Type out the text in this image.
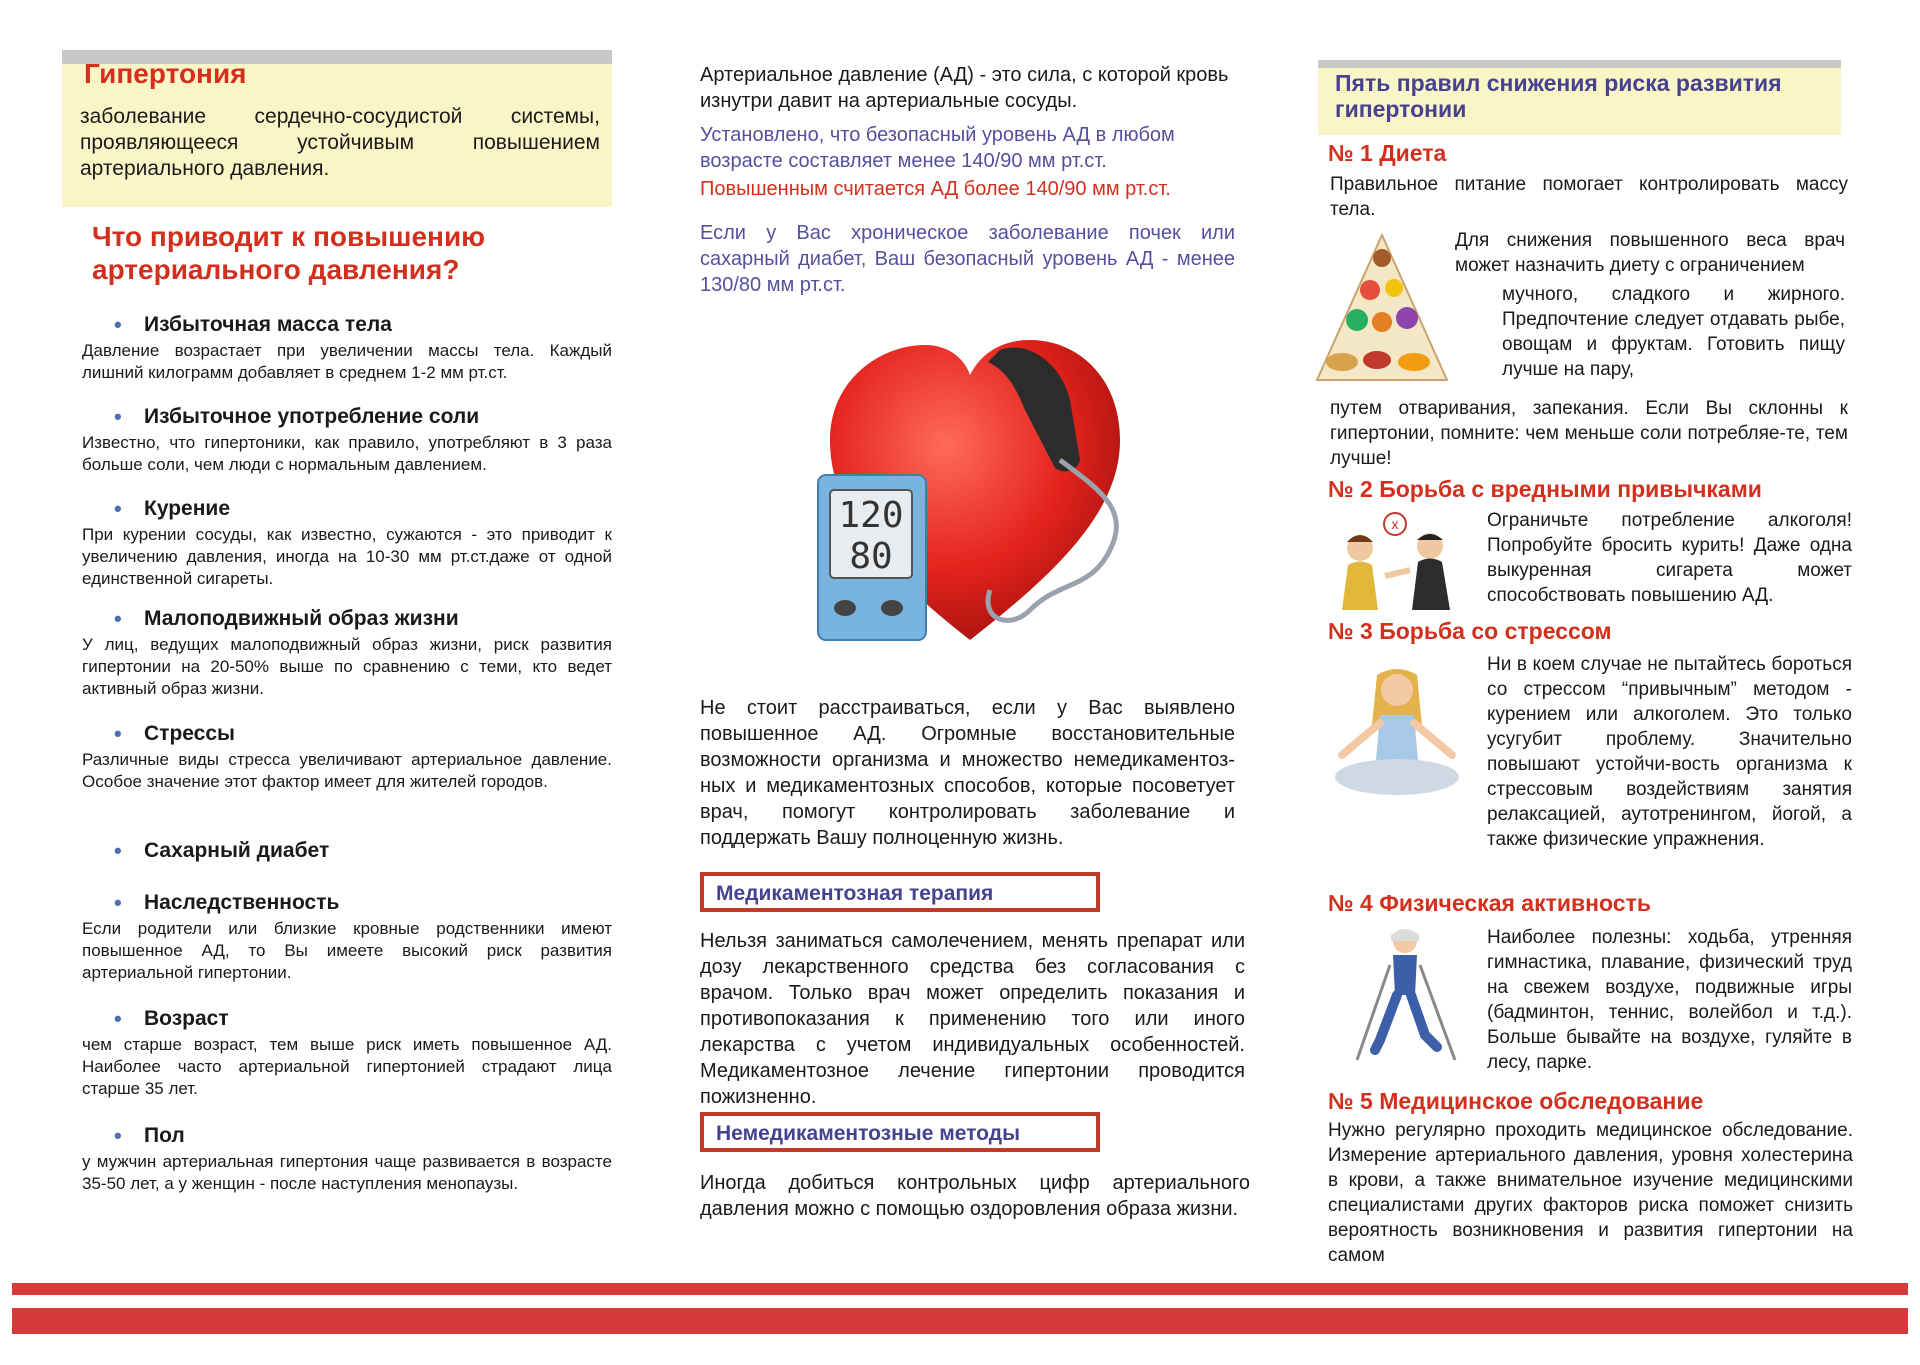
Гипертония
заболевание сердечно-сосудистой системы, проявляющееся устойчивым повышением артериального давления.
Что приводит к повышению артериального давления?
• Избыточная масса тела
Давление возрастает при увеличении массы тела. Каждый лишний килограмм добавляет в среднем 1-2 мм рт.ст.
• Избыточное употребление соли
Известно, что гипертоники, как правило, употребляют в 3 раза больше соли, чем люди с нормальным давлением.
• Курение
При курении сосуды, как известно, сужаются - это приводит к увеличению давления, иногда на 10-30 мм рт.ст.даже от одной единственной сигареты.
• Малоподвижный образ жизни
У лиц, ведущих малоподвижный образ жизни, риск развития гипертонии на 20-50% выше по сравнению с теми, кто ведет активный образ жизни.
• Стрессы
Различные виды стресса увеличивают артериальное давление. Особое значение этот фактор имеет для жителей городов.
• Сахарный диабет
• Наследственность
Если родители или близкие кровные родственники имеют повышенное АД, то Вы имеете высокий риск развития артериальной гипертонии.
• Возраст
чем старше возраст, тем выше риск иметь повышенное АД. Наиболее часто артериальной гипертонией страдают лица старше 35 лет.
• Пол
у мужчин артериальная гипертония чаще развивается в возрасте 35-50 лет, а у женщин - после наступления менопаузы.
Артериальное давление (АД) - это сила, с которой кровь изнутри давит на артериальные сосуды.
Установлено, что безопасный уровень АД в любом возрасте составляет менее 140/90 мм рт.ст.
Повышенным считается АД более 140/90 мм рт.ст.
Если у Вас хроническое заболевание почек или сахарный диабет, Ваш безопасный уровень АД - менее 130/80 мм рт.ст.
120
80
Не стоит расстраиваться, если у Вас выявлено повышенное АД. Огромные восстановительные возможности организма и множество немедикаментоз-ных и медикаментозных способов, которые посоветует врач, помогут контролировать заболевание и поддержать Вашу полноценную жизнь.
Медикаментозная терапия
Нельзя заниматься самолечением, менять препарат или дозу лекарственного средства без согласования с врачом. Только врач может определить показания и противопоказания к применению того или иного лекарства с учетом индивидуальных особенностей. Медикаментозное лечение гипертонии проводится пожизненно.
Немедикаментозные методы
Иногда добиться контрольных цифр артериального давления можно с помощью оздоровления образа жизни.
Пять правил снижения риска развития гипертонии
№ 1 Диета
Правильное питание помогает контролировать массу тела.
Для снижения повышенного веса врач может назначить диету с ограничением
мучного, сладкого и жирного. Предпочтение следует отдавать рыбе, овощам и фруктам. Готовить пищу лучше на пару,
путем отваривания, запекания. Если Вы склонны к гипертонии, помните: чем меньше соли потребляе-те, тем лучше!
№ 2 Борьба с вредными привычками
x	Ограничьте потребление алкоголя! Попробуйте бросить курить! Даже одна выкуренная сигарета может способствовать повышению АД.
№ 3 Борьба со стрессом
Ни в коем случае не пытайтесь бороться со стрессом “привычным” методом - курением или алкоголем. Это только усугубит проблему. Значительно повышают устойчи-вость организма к стрессовым воздействиям занятия релаксацией, аутотренингом, йогой, а также физические упражнения.
№ 4 Физическая активность
Наиболее полезны: ходьба, утренняя гимнастика, плавание, физический труд на свежем воздухе, подвижные игры (бадминтон, теннис, волейбол и т.д.). Больше бывайте на воздухе, гуляйте в лесу, парке.
№ 5 Медицинское обследование
Нужно регулярно проходить медицинское обследование. Измерение артериального давления, уровня холестерина в крови, а также внимательное изучение медицинскими специалистами других факторов риска поможет снизить вероятность возникновения и развития гипертонии на самом
